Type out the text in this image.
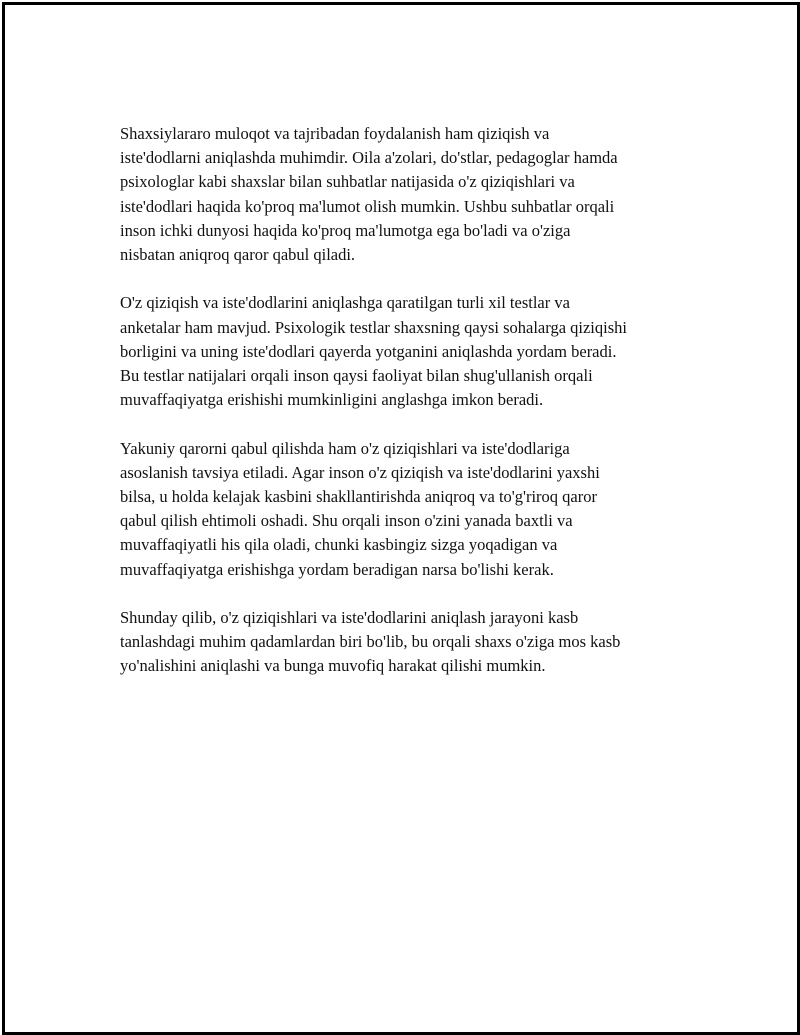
Shaxsiylararo muloqot va tajribadan foydalanish ham qiziqish va
iste'dodlarni aniqlashda muhimdir. Oila a'zolari, do'stlar, pedagoglar hamda
psixologlar kabi shaxslar bilan suhbatlar natijasida o'z qiziqishlari va
iste'dodlari haqida ko'proq ma'lumot olish mumkin. Ushbu suhbatlar orqali
inson ichki dunyosi haqida ko'proq ma'lumotga ega bo'ladi va o'ziga
nisbatan aniqroq qaror qabul qiladi.

O'z qiziqish va iste'dodlarini aniqlashga qaratilgan turli xil testlar va
anketalar ham mavjud. Psixologik testlar shaxsning qaysi sohalarga qiziqishi
borligini va uning iste'dodlari qayerda yotganini aniqlashda yordam beradi.
Bu testlar natijalari orqali inson qaysi faoliyat bilan shug'ullanish orqali
muvaffaqiyatga erishishi mumkinligini anglashga imkon beradi.

Yakuniy qarorni qabul qilishda ham o'z qiziqishlari va iste'dodlariga
asoslanish tavsiya etiladi. Agar inson o'z qiziqish va iste'dodlarini yaxshi
bilsa, u holda kelajak kasbini shakllantirishda aniqroq va to'g'riroq qaror
qabul qilish ehtimoli oshadi. Shu orqali inson o'zini yanada baxtli va
muvaffaqiyatli his qila oladi, chunki kasbingiz sizga yoqadigan va
muvaffaqiyatga erishishga yordam beradigan narsa bo'lishi kerak.

Shunday qilib, o'z qiziqishlari va iste'dodlarini aniqlash jarayoni kasb
tanlashdagi muhim qadamlardan biri bo'lib, bu orqali shaxs o'ziga mos kasb
yo'nalishini aniqlashi va bunga muvofiq harakat qilishi mumkin.
